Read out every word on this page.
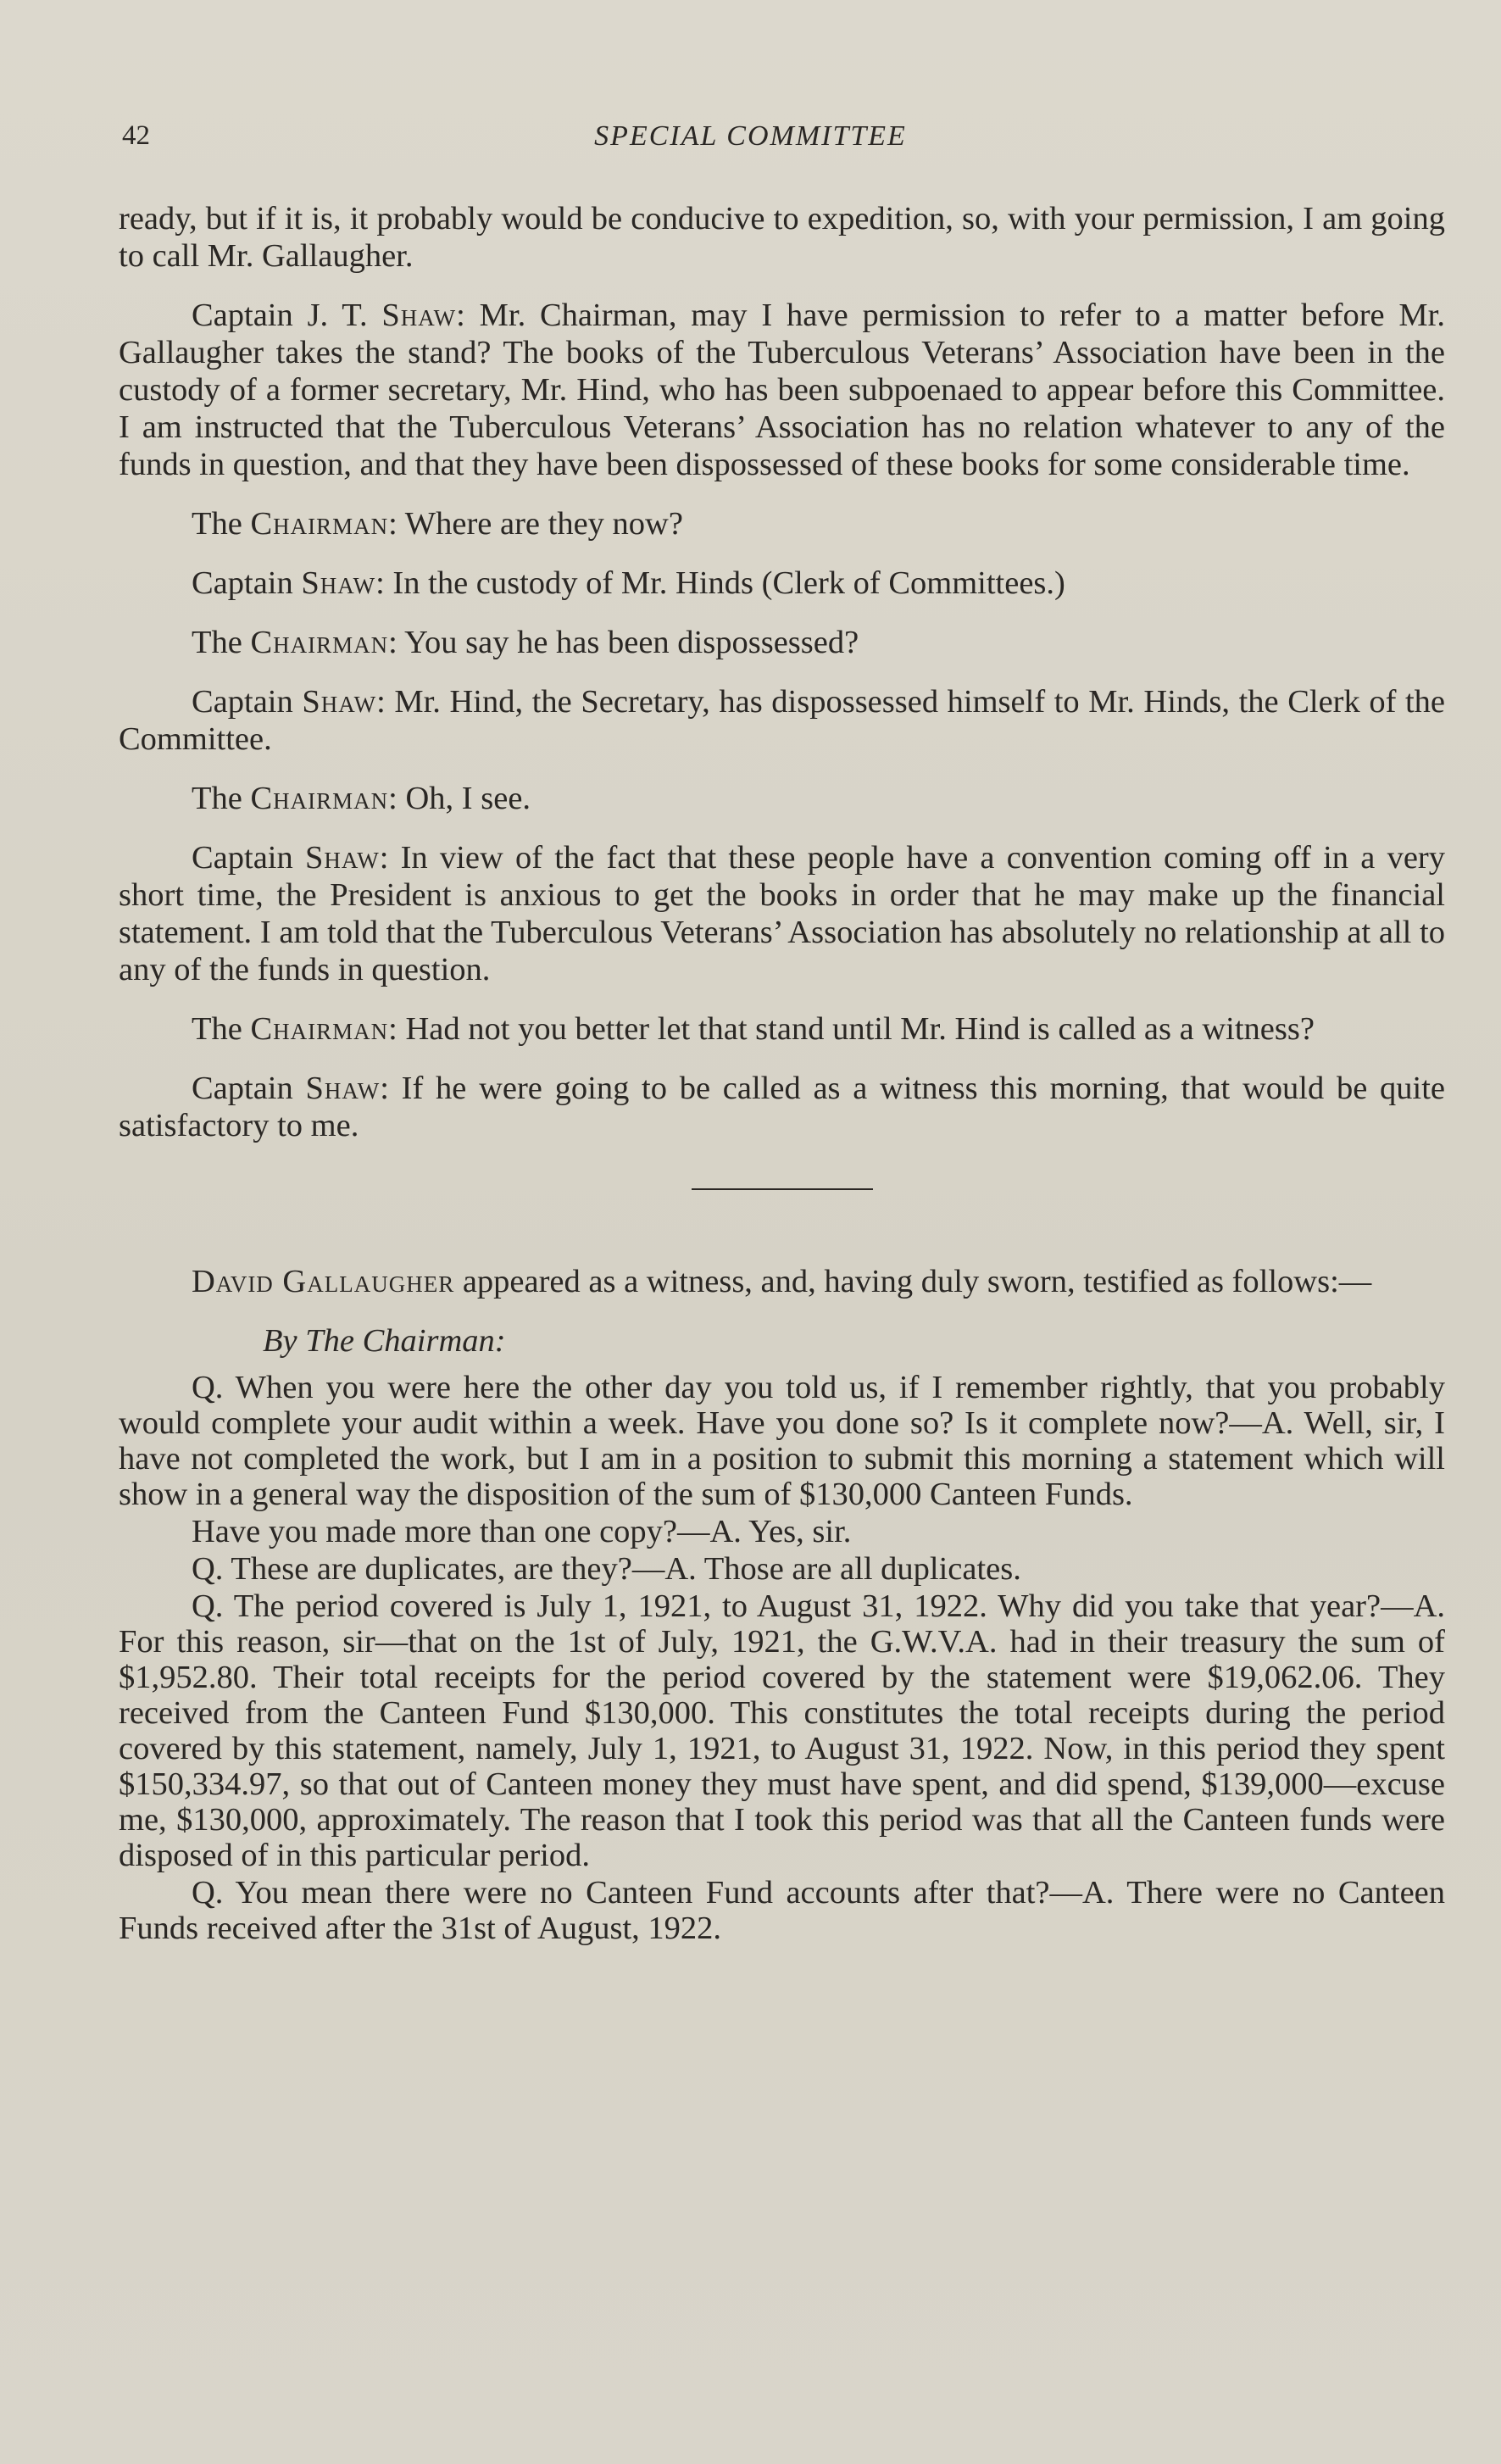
42	SPECIAL COMMITTEE

ready, but if it is, it probably would be conducive to expedition, so, with your permission, I am going to call Mr. Gallaugher.

Captain J. T. Shaw: Mr. Chairman, may I have permission to refer to a matter before Mr. Gallaugher takes the stand? The books of the Tuberculous Veterans’ Association have been in the custody of a former secretary, Mr. Hind, who has been subpoenaed to appear before this Committee. I am instructed that the Tuberculous Veterans’ Association has no relation whatever to any of the funds in question, and that they have been dispossessed of these books for some considerable time.

The Chairman: Where are they now?

Captain Shaw: In the custody of Mr. Hinds (Clerk of Committees.)

The Chairman: You say he has been dispossessed?

Captain Shaw: Mr. Hind, the Secretary, has dispossessed himself to Mr. Hinds, the Clerk of the Committee.

The Chairman: Oh, I see.

Captain Shaw: In view of the fact that these people have a convention coming off in a very short time, the President is anxious to get the books in order that he may make up the financial statement. I am told that the Tuberculous Veterans’ Association has absolutely no relationship at all to any of the funds in question.

The Chairman: Had not you better let that stand until Mr. Hind is called as a witness?

Captain Shaw: If he were going to be called as a witness this morning, that would be quite satisfactory to me.

David Gallaugher appeared as a witness, and, having duly sworn, testified as follows:—

By The Chairman:

Q. When you were here the other day you told us, if I remember rightly, that you probably would complete your audit within a week. Have you done so? Is it complete now?—A. Well, sir, I have not completed the work, but I am in a position to submit this morning a statement which will show in a general way the disposition of the sum of $130,000 Canteen Funds.

Have you made more than one copy?—A. Yes, sir.

Q. These are duplicates, are they?—A. Those are all duplicates.

Q. The period covered is July 1, 1921, to August 31, 1922. Why did you take that year?—A. For this reason, sir—that on the 1st of July, 1921, the G.W.V.A. had in their treasury the sum of $1,952.80. Their total receipts for the period covered by the statement were $19,062.06. They received from the Canteen Fund $130,000. This constitutes the total receipts during the period covered by this statement, namely, July 1, 1921, to August 31, 1922. Now, in this period they spent $150,334.97, so that out of Canteen money they must have spent, and did spend, $139,000—excuse me, $130,000, approximately. The reason that I took this period was that all the Canteen funds were disposed of in this particular period.

Q. You mean there were no Canteen Fund accounts after that?—A. There were no Canteen Funds received after the 31st of August, 1922.
